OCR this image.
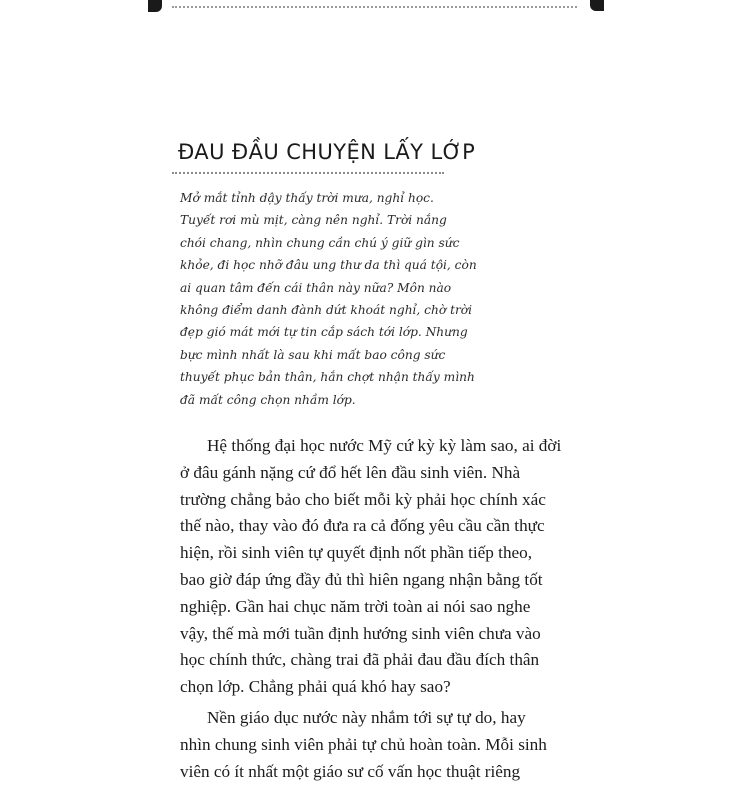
ĐAU ĐẦU CHUYỆN LẤY LỚP
Mở mắt tỉnh dậy thấy trời mưa, nghỉ học.
Tuyết rơi mù mịt, càng nên nghỉ. Trời nắng
chói chang, nhìn chung cần chú ý giữ gìn sức
khỏe, đi học nhỡ đâu ung thư da thì quá tội, còn
ai quan tâm đến cái thân này nữa? Môn nào
không điểm danh đành dứt khoát nghỉ, chờ trời
đẹp gió mát mới tự tin cắp sách tới lớp. Nhưng
bực mình nhất là sau khi mất bao công sức
thuyết phục bản thân, hắn chợt nhận thấy mình
đã mất công chọn nhầm lớp.
Hệ thống đại học nước Mỹ cứ kỳ kỳ làm sao, ai đời
ở đâu gánh nặng cứ đổ hết lên đầu sinh viên. Nhà
trường chẳng bảo cho biết mỗi kỳ phải học chính xác
thế nào, thay vào đó đưa ra cả đống yêu cầu cần thực
hiện, rồi sinh viên tự quyết định nốt phần tiếp theo,
bao giờ đáp ứng đầy đủ thì hiên ngang nhận bằng tốt
nghiệp. Gần hai chục năm trời toàn ai nói sao nghe
vậy, thế mà mới tuần định hướng sinh viên chưa vào
học chính thức, chàng trai đã phải đau đầu đích thân
chọn lớp. Chẳng phải quá khó hay sao?
Nền giáo dục nước này nhắm tới sự tự do, hay
nhìn chung sinh viên phải tự chủ hoàn toàn. Mỗi sinh
viên có ít nhất một giáo sư cố vấn học thuật riêng
